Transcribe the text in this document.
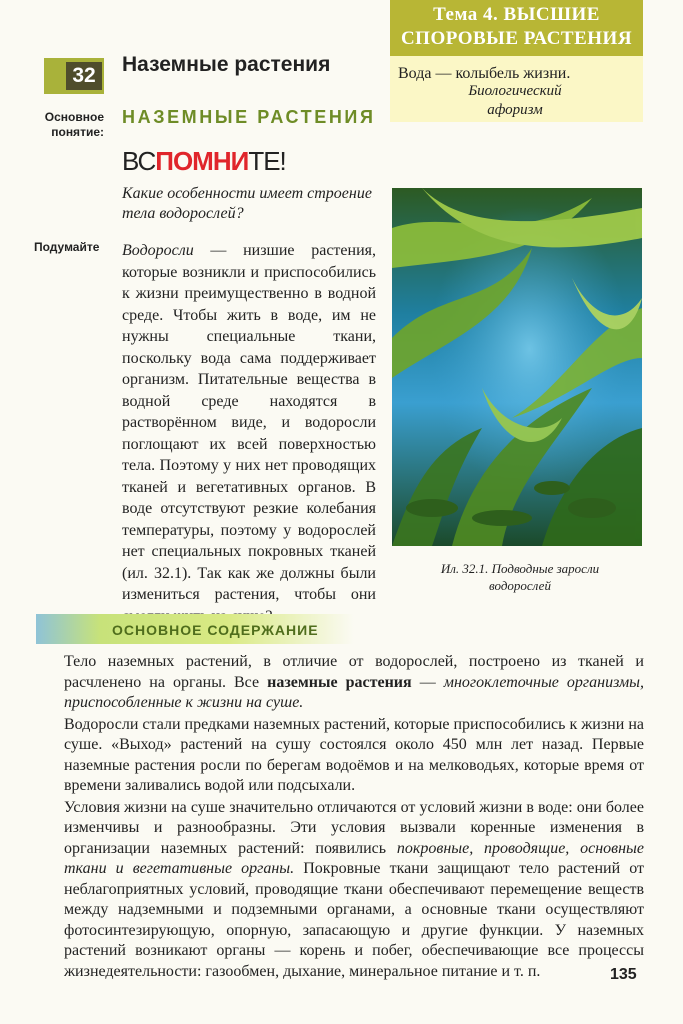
Тема 4. ВЫСШИЕ
СПОРОВЫЕ РАСТЕНИЯ
Вода — колыбель жизни.
Биологический афоризм
32	Наземные растения
Основное понятие:
НАЗЕМНЫЕ РАСТЕНИЯ
ВСПОМНИТЕ!
Какие особенности имеет строение тела водорослей?
Подумайте Водоросли — низшие растения, которые возникли и приспособились к жизни преимущественно в водной среде. Чтобы жить в воде, им не нужны специальные ткани, поскольку вода сама поддерживает организм. Питательные вещества в водной среде находятся в растворённом виде, и водоросли поглощают их всей поверхностью тела. Поэтому у них нет проводящих тканей и вегетативных органов. В воде отсутствуют резкие колебания температуры, поэтому у водорослей нет специальных покровных тканей (ил. 32.1). Так как же должны были измениться растения, чтобы они
Ил. 32.1. Подводные заросли водорослей
ОСНОВНОЕ СОДЕРЖАНИЕ

Тело наземных растений, в отличие от водорослей, построено из тканей и расчленено на органы. Все наземные растения — многоклеточные организмы, приспособленные к жизни на суше.

Водоросли стали предками наземных растений, которые приспособились к жизни на суше. «Выход» растений на сушу состоялся около 450 млн лет назад. Первые наземные растения росли по берегам водоёмов и на мелководьях, которые время от времени заливались водой или подсыхали.

Условия жизни на суше значительно отличаются от условий жизни в воде: они более изменчивы и разнообразны. Эти условия вызвали коренные изменения в организации наземных растений: появились покровные, проводящие, основные ткани и вегетативные органы. Покровные ткани защищают тело растений от неблагоприятных условий, проводящие ткани обеспечивают перемещение веществ между надземными и подземными органами, а основные ткани осуществляют фотосинтезирующую, опорную, запасающую и другие функции. У наземных растений возникают органы — корень и побег, обеспечивающие все процессы жизнедеятельности: газообмен, дыхание, минеральное питание и т. п.	135
